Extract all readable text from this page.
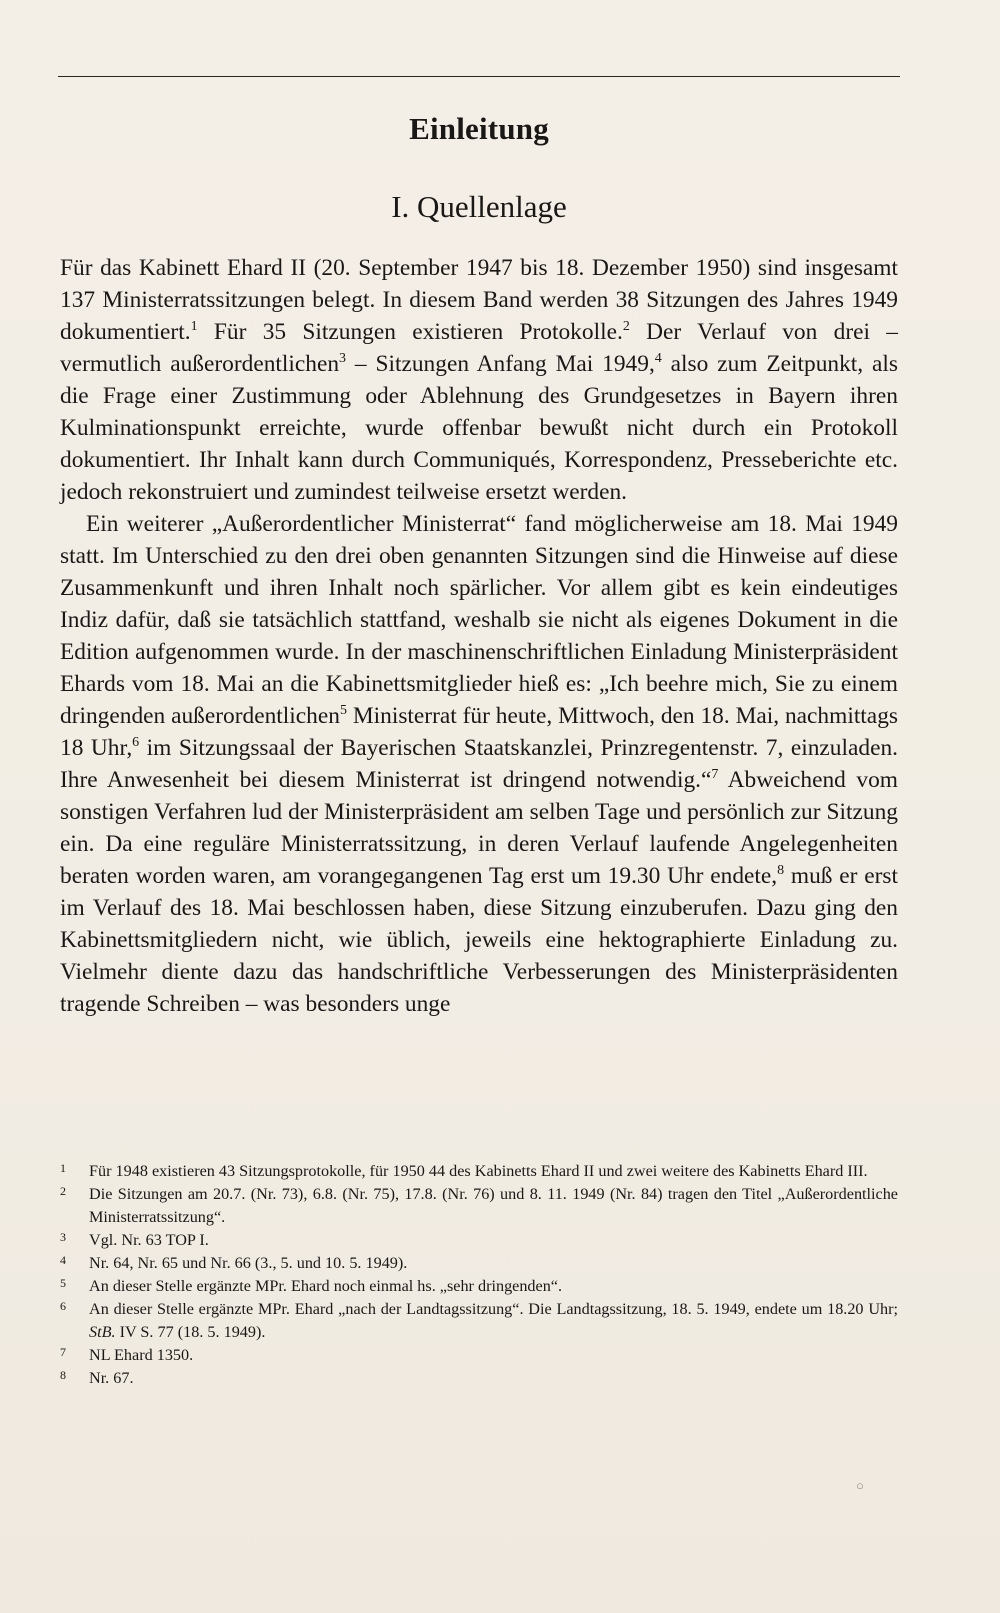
Einleitung
I. Quellenlage

Für das Kabinett Ehard II (20. September 1947 bis 18. Dezember 1950) sind insgesamt 137 Ministerratssitzungen belegt. In diesem Band werden 38 Sitzungen des Jahres 1949 dokumentiert.$^1$ Für 35 Sitzungen existieren Protokolle.$^2$ Der Verlauf von drei – vermutlich außerordentlichen$^3$ – Sitzungen Anfang Mai 1949,$^4$ also zum Zeitpunkt, als die Frage einer Zustimmung oder Ablehnung des Grundgesetzes in Bayern ihren Kulminationspunkt erreichte, wurde offenbar bewußt nicht durch ein Protokoll dokumentiert. Ihr Inhalt kann durch Communiqués, Korrespondenz, Presseberichte etc. jedoch rekonstruiert und zumindest teilweise ersetzt werden.

Ein weiterer „Außerordentlicher Ministerrat“ fand möglicherweise am 18. Mai 1949 statt. Im Unterschied zu den drei oben genannten Sitzungen sind die Hinweise auf diese Zusammenkunft und ihren Inhalt noch spärlicher. Vor allem gibt es kein eindeutiges Indiz dafür, daß sie tatsächlich stattfand, weshalb sie nicht als eigenes Dokument in die Edition aufgenommen wurde. In der maschinenschriftlichen Einladung Ministerpräsident Ehards vom 18. Mai an die Kabinettsmitglieder hieß es: „Ich beehre mich, Sie zu einem dringenden außerordentlichen$^5$ Ministerrat für heute, Mittwoch, den 18. Mai, nachmittags 18 Uhr,$^6$ im Sitzungssaal der Bayerischen Staatskanzlei, Prinzregentenstr. 7, einzuladen. Ihre Anwesenheit bei diesem Ministerrat ist dringend notwendig.“$^7$ Abweichend vom sonstigen Verfahren lud der Ministerpräsident am selben Tage und persönlich zur Sitzung ein. Da eine reguläre Ministerratssitzung, in deren Verlauf laufende Angelegenheiten beraten worden waren, am vorangegangenen Tag erst um 19.30 Uhr endete,$^8$ muß er erst im Verlauf des 18. Mai beschlossen haben, diese Sitzung einzuberufen. Dazu ging den Kabinettsmitgliedern nicht, wie üblich, jeweils eine hektographierte Einladung zu. Vielmehr diente dazu das handschriftliche Verbesserungen des Ministerpräsidenten tragende Schreiben – was besonders unge

1 Für 1948 existieren 43 Sitzungsprotokolle, für 1950 44 des Kabinetts Ehard II und zwei weitere des Kabinetts Ehard III.
2 Die Sitzungen am 20.7. (Nr. 73), 6.8. (Nr. 75), 17.8. (Nr. 76) und 8. 11. 1949 (Nr. 84) tragen den Titel „Außerordentliche Ministerratssitzung“.
3 Vgl. Nr. 63 TOP I.
4 Nr. 64, Nr. 65 und Nr. 66 (3., 5. und 10. 5. 1949).
5 An dieser Stelle ergänzte MPr. Ehard noch einmal hs. „sehr dringenden“.
6 An dieser Stelle ergänzte MPr. Ehard „nach der Landtagssitzung“. Die Landtagssitzung, 18. 5. 1949, endete um 18.20 Uhr; StB. IV S. 77 (18. 5. 1949).
7 NL Ehard 1350.
8 Nr. 67.
○
